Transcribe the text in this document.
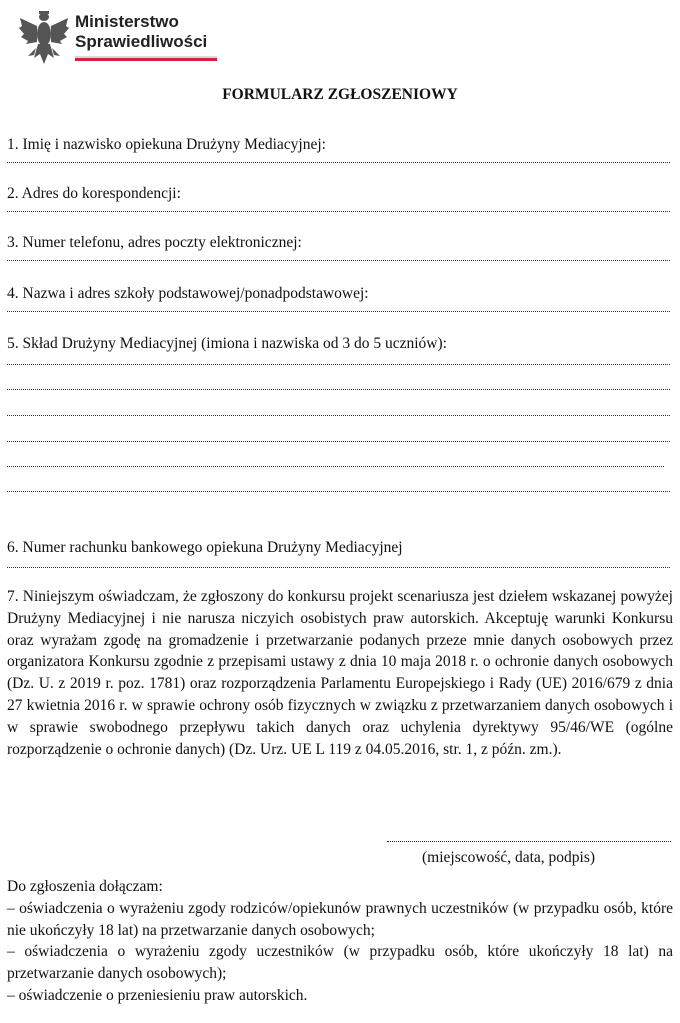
Ministerstwo
Sprawiedliwości
FORMULARZ ZGŁOSZENIOWY
1. Imię i nazwisko opiekuna Drużyny Mediacyjnej:
2. Adres do korespondencji:
3. Numer telefonu, adres poczty elektronicznej:
4. Nazwa i adres szkoły podstawowej/ponadpodstawowej:
5. Skład Drużyny Mediacyjnej (imiona i nazwiska od 3 do 5 uczniów):
6. Numer rachunku bankowego opiekuna Drużyny Mediacyjnej
7. Niniejszym oświadczam, że zgłoszony do konkursu projekt scenariusza jest dziełem wskazanej powyżej Drużyny Mediacyjnej i nie narusza niczyich osobistych praw autorskich. Akceptuję warunki Konkursu oraz wyrażam zgodę na gromadzenie i przetwarzanie podanych przeze mnie danych osobowych przez organizatora Konkursu zgodnie z przepisami ustawy z dnia 10 maja 2018 r. o ochronie danych osobowych (Dz. U. z 2019 r. poz. 1781) oraz rozporządzenia Parlamentu Europejskiego i Rady (UE) 2016/679 z dnia 27 kwietnia 2016 r. w sprawie ochrony osób fizycznych w związku z przetwarzaniem danych osobowych i w sprawie swobodnego przepływu takich danych oraz uchylenia dyrektywy 95/46/WE (ogólne rozporządzenie o ochronie danych) (Dz. Urz. UE L 119 z 04.05.2016, str. 1, z późn. zm.).
(miejscowość, data, podpis)

Do zgłoszenia dołączam:

– oświadczenia o wyrażeniu zgody rodziców/opiekunów prawnych uczestników (w przypadku osób, które nie ukończyły 18 lat) na przetwarzanie danych osobowych;

– oświadczenia o wyrażeniu zgody uczestników (w przypadku osób, które ukończyły 18 lat) na przetwarzanie danych osobowych);

– oświadczenie o przeniesieniu praw autorskich.
